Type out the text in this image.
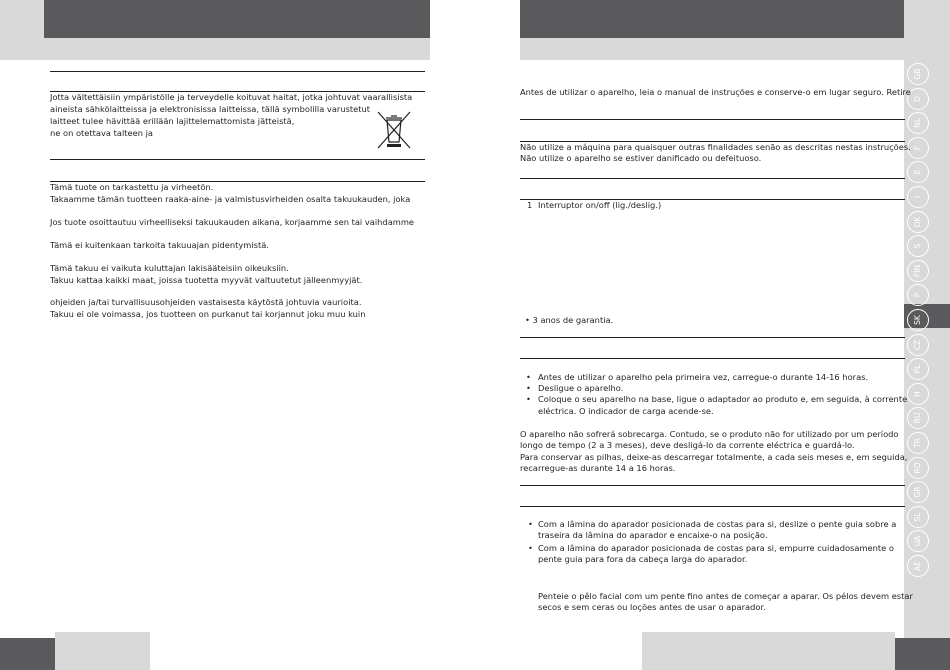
GB
D
NL
F
E
I
DK
S
FIN
P
SK
CZ
PL
H
RU
TR
RO
GR
SL
UA
AE
Jotta vältettäisiin ympäristölle ja terveydelle koituvat haitat, jotka johtuvat vaarallisista
aineista sähkölaitteissa ja elektronisissa laitteissa, tällä symbolilla varustetut
laitteet tulee hävittää erillään lajittelemattomista jätteistä,
ne on otettava talteen ja
Tämä tuote on tarkastettu ja virheetön.
Takaamme tämän tuotteen raaka-aine- ja valmistusvirheiden osalta takuukauden, joka
Jos tuote osoittautuu virheelliseksi takuukauden aikana, korjaamme sen tai vaihdamme
Tämä ei kuitenkaan tarkoita takuuajan pidentymistä.
Tämä takuu ei vaikuta kuluttajan lakisääteisiin oikeuksiin.
Takuu kattaa kaikki maat, joissa tuotetta myyvät valtuutetut jälleenmyyjät.
ohjeiden ja/tai turvallisuusohjeiden vastaisesta käytöstä johtuvia vaurioita.
Takuu ei ole voimassa, jos tuotteen on purkanut tai korjannut joku muu kuin
Antes de utilizar o aparelho, leia o manual de instruções e conserve-o em lugar seguro. Retire
Não utilize a máquina para quaisquer outras finalidades senão as descritas nestas instruções.
Não utilize o aparelho se estiver danificado ou defeituoso.
1 Interruptor on/off (lig./deslig.)
• 3 anos de garantia.
• Antes de utilizar o aparelho pela primeira vez, carregue-o durante 14-16 horas.
• Desligue o aparelho.
• Coloque o seu aparelho na base, ligue o adaptador ao produto e, em seguida, à corrente
eléctrica. O indicador de carga acende-se.
O aparelho não sofrerá sobrecarga. Contudo, se o produto não for utilizado por um período
longo de tempo (2 a 3 meses), deve desligá-lo da corrente eléctrica e guardá-lo.
Para conservar as pilhas, deixe-as descarregar totalmente, a cada seis meses e, em seguida,
recarregue-as durante 14 a 16 horas.
• Com a lâmina do aparador posicionada de costas para si, deslize o pente guia sobre a
traseira da lâmina do aparador e encaixe-o na posição.
• Com a lâmina do aparador posicionada de costas para si, empurre cuidadosamente o
pente guia para fora da cabeça larga do aparador.
Penteie o pêlo facial com um pente fino antes de começar a aparar. Os pélos devem estar
secos e sem ceras ou loções antes de usar o aparador.
